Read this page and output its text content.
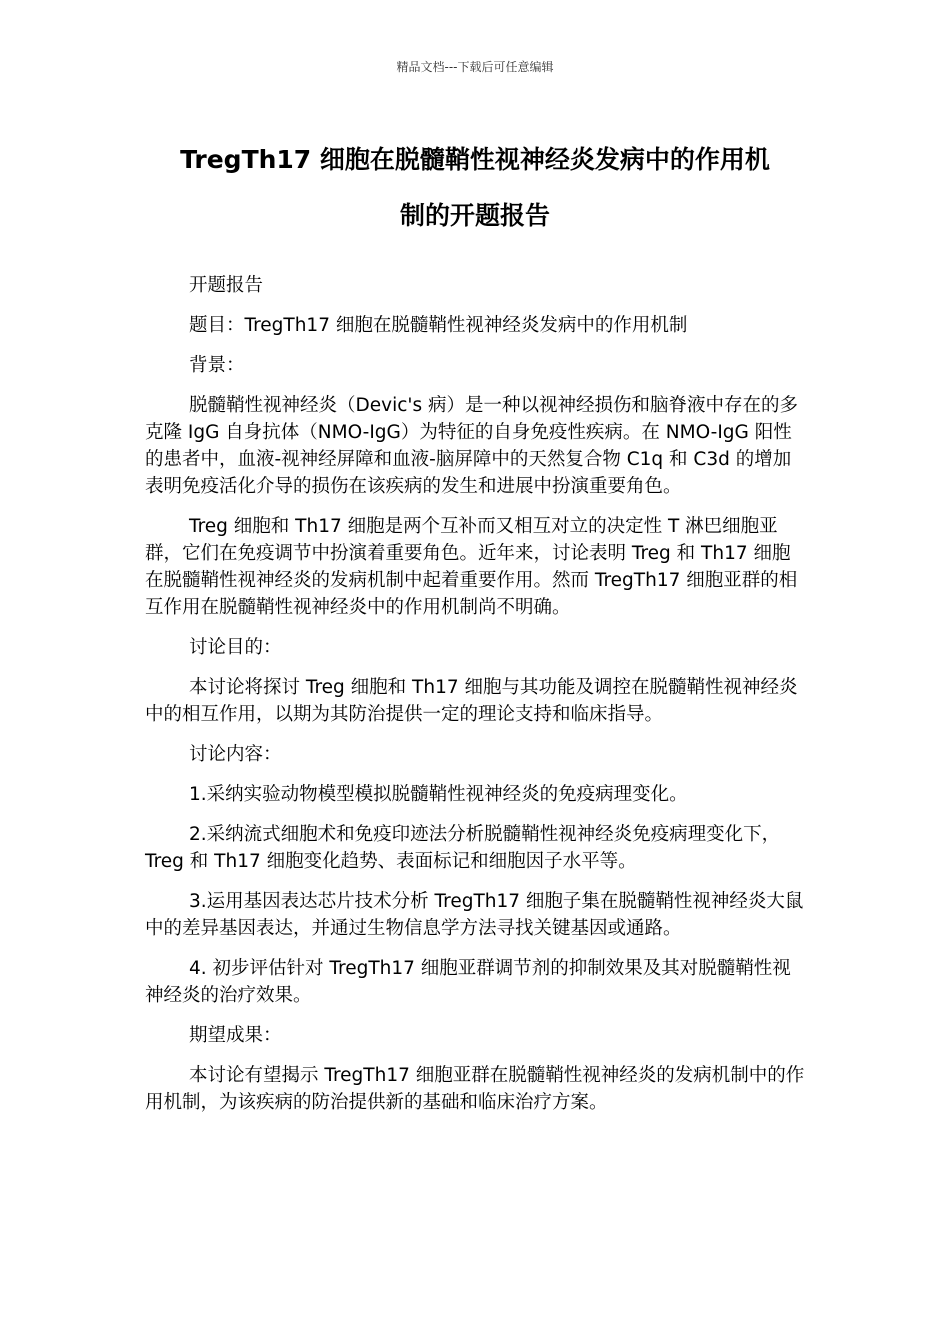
精品文档---下载后可任意编辑
TregTh17 细胞在脱髓鞘性视神经炎发病中的作用机
制的开题报告

开题报告

题目：TregTh17 细胞在脱髓鞘性视神经炎发病中的作用机制

背景：

脱髓鞘性视神经炎（Devic's 病）是一种以视神经损伤和脑脊液中存在的多克隆 IgG 自身抗体（NMO-IgG）为特征的自身免疫性疾病。在 NMO-IgG 阳性的患者中，血液-视神经屏障和血液-脑屏障中的天然复合物 C1q 和 C3d 的增加表明免疫活化介导的损伤在该疾病的发生和进展中扮演重要角色。

Treg 细胞和 Th17 细胞是两个互补而又相互对立的决定性 T 淋巴细胞亚群，它们在免疫调节中扮演着重要角色。近年来，讨论表明 Treg 和 Th17 细胞在脱髓鞘性视神经炎的发病机制中起着重要作用。然而 TregTh17 细胞亚群的相互作用在脱髓鞘性视神经炎中的作用机制尚不明确。

讨论目的：

本讨论将探讨 Treg 细胞和 Th17 细胞与其功能及调控在脱髓鞘性视神经炎中的相互作用，以期为其防治提供一定的理论支持和临床指导。

讨论内容：

1.采纳实验动物模型模拟脱髓鞘性视神经炎的免疫病理变化。

2.采纳流式细胞术和免疫印迹法分析脱髓鞘性视神经炎免疫病理变化下，Treg 和 Th17 细胞变化趋势、表面标记和细胞因子水平等。

3.运用基因表达芯片技术分析 TregTh17 细胞子集在脱髓鞘性视神经炎大鼠中的差异基因表达，并通过生物信息学方法寻找关键基因或通路。

4. 初步评估针对 TregTh17 细胞亚群调节剂的抑制效果及其对脱髓鞘性视神经炎的治疗效果。

期望成果：

本讨论有望揭示 TregTh17 细胞亚群在脱髓鞘性视神经炎的发病机制中的作用机制，为该疾病的防治提供新的基础和临床治疗方案。
